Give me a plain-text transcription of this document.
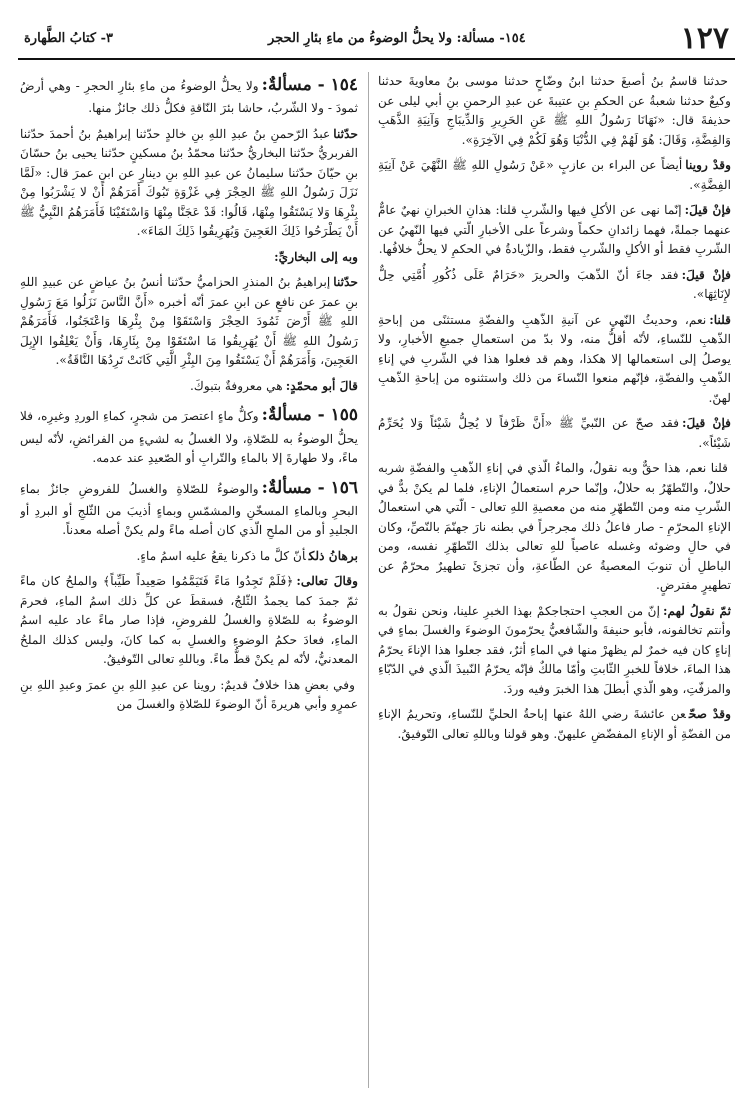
١٢٧
١٥٤- مسألة: ولا يحلُّ الوضوءُ من ماءِ بئارِ الحجر
٣- كتابُ الطَّهارة

حدثنا قاسمُ بنُ أصبغَ حدثنا ابنُ وضّاحٍ حدثنا موسى بنُ معاويةَ حدثنا وكيعٌ حدثنا شعبةُ عن الحكمِ بنِ عتيبةَ عن عبدِ الرحمنِ بنِ أبي ليلى عن حذيفةَ قال: «نَهَانَا رَسُولُ اللهِ ﷺ عَنِ الحَرِيرِ وَالدِّيبَاجِ وَآنِيَةِ الذَّهَبِ وَالفِضَّةِ، وَقَالَ: هُوَ لَهُمْ فِي الدُّنْيَا وَهُوَ لَكُمْ فِي الآخِرَةِ».

وقدْ رويناأيضاً عن البراء بن عازبٍ «عَنْ رَسُولِ اللهِ ﷺ النَّهْيَ عَنْ آنِيَةِ الفِضَّةِ».

فإنْ قيلَ:إنّما نهى عن الأكلِ فيها والشّربِ قلنا: هذانِ الخبرانِ نهيٌ عامٌّ عنهما جملةً، فهما زائدانِ حكماً وشرعاً على الأخبارِ الّتي فيها النّهيُ عن الشّربِ فقط أو الأكلِ والشّربِ فقط، والزّيادةُ في الحكمِ لا يحلُّ خلافُها.

فإنْ قيلَ:فقد جاءَ أنّ الذّهبَ والحريرَ «حَرَامٌ عَلَى ذُكُورِ أُمَّتِي حِلٌّ لإِنَاثِهَا».

قلنا:نعم، وحديثُ النّهيِ عن آنيةِ الذّهبِ والفضّةِ مستثنًى من إباحةِ الذّهبِ للنّساءِ، لأنّه أقلُّ منه، ولا بدّ من استعمالِ جميعِ الأخبارِ، ولا يوصلُ إلى استعمالها إلا هكذا، وهم قد فعلوا هذا في الشّربِ في إناءِ الذّهبِ والفضّةِ، فإنّهم منعوا النّساءَ من ذلك واستثنوه من إباحةِ الذّهبِ لهنّ.

فإنْ قيلَ:فقد صحّ عن النّبيِّ ﷺ «أَنَّ ظَرْفاً لا يُحِلُّ شَيْئاً وَلا يُحَرِّمُ شَيْئاً».

قلنا نعم، هذا حقٌّ وبه نقولُ، والماءُ الّذي في إناءِ الذّهبِ والفضّةِ شربه حلالٌ، والتّطهّرُ به حلالٌ، وإنّما حرم استعمالُ الإناءِ، فلما لم يكنْ بدٌّ في الشّربِ منه ومن التّطهّرِ منه من معصيةِ اللهِ تعالى - الّتي هي استعمالُ الإناءِ المحرّمِ - صار فاعلُ ذلك مجرجراً في بطنه نارَ جهنّمَ بالنّصِّ، وكان في حالِ وضوئه وغسله عاصياً للهِ تعالى بذلك التّطهّرِ نفسه، ومن الباطلِ أن تنوبَ المعصيةُ عن الطّاعةِ، وأن تجزئَ تطهيرٌ محرّمٌ عن تطهيرٍ مفترضٍ.

ثمّ نقولُ لهم:إنّ من العجبِ احتجاجكمْ بهذا الخبرِ علينا، ونحن نقولُ به وأنتم تخالفونه، فأبو حنيفةَ والشّافعيُّ يحرّمونَ الوضوءَ والغسلَ بماءٍ في إناءٍ كان فيه خمرٌ لم يظهرْ منها في الماءِ أثرٌ، فقد جعلوا هذا الإناءَ يحرّمُ هذا الماءَ، خلافاً للخبرِ الثّابتِ وأمّا مالكٌ فإنّه يحرّمُ النّبيذَ الّذي في الدّبّاءِ والمزفّتِ، وهو الّذي أبطلَ هذا الخبرَ وفيه وردَ.

وقدْ صحّعن عائشةَ رضي اللهُ عنها إباحةُ الحليِّ للنّساءِ، وتحريمُ الإناءِ من الفضّةِ أو الإناءِ المفضّضِ عليهنّ. وهو قولنا وباللهِ تعالى التّوفيقُ.

١٥٤ - مسألةٌ:ولا يحلُّ الوضوءُ من ماءِ بئارِ الحجرِ - وهي أرضُ ثمودَ - ولا الشّربُ، حاشا بئرَ النّاقةِ فكلُّ ذلك جائزٌ منها.

حدّثناعبدُ الرّحمنِ بنُ عبدِ اللهِ بنِ خالدٍ حدّثنا إبراهيمُ بنُ أحمدَ حدّثنا الفربريُّ حدّثنا البخاريُّ حدّثنا محمّدُ بنُ مسكينٍ حدّثنا يحيى بنُ حسّانَ بنِ حيّانَ حدّثنا سليمانُ عن عبدِ اللهِ بنِ دينارٍ عن ابنِ عمرَ قال: «لَمَّا نَزَلَ رَسُولُ اللهِ ﷺ الحِجْرَ فِي غَزْوَةِ تَبُوكَ أَمَرَهُمْ أَنْ لا يَشْرَبُوا مِنْ بِئْرِهَا وَلا يَسْتَقُوا مِنْهَا، قَالُوا: قَدْ عَجَنَّا مِنْهَا وَاسْتَقَيْنَا فَأَمَرَهُمُ النَّبِيُّ ﷺ أَنْ يَطْرَحُوا ذَلِكَ العَجِينَ وَيُهَرِيقُوا ذَلِكَ المَاءَ».

وبه إلى البخاريِّ:

حدّثناإبراهيمُ بنُ المنذرِ الحزاميُّ حدّثنا أنسُ بنُ عياضٍ عن عبيدِ اللهِ بنِ عمرَ عن نافعٍ عن ابنِ عمرَ أنّه أخبره «أَنَّ النَّاسَ نَزَلُوا مَعَ رَسُولِ اللهِ ﷺ أَرْضَ ثَمُودَ الحِجْرَ وَاسْتَقَوْا مِنْ بِئْرِهَا وَاعْتَجَنُوا، فَأَمَرَهُمْ رَسُولُ اللهِ ﷺ أَنْ يُهَرِيقُوا مَا اسْتَقَوْا مِنْ بِئَارِهَا، وَأَنْ يَعْلِفُوا الإِبِلَ العَجِينَ، وَأَمَرَهُمْ أَنْ يَسْتَقُوا مِنَ البِئْرِ الَّتِي كَانَتْ تَرِدُهَا النَّاقَةُ».

قالَ أبو محمّدٍ:هي معروفةٌ بتبوكَ.

١٥٥ - مسألةٌ:وكلُّ ماءٍ اعتصرَ من شجرٍ، كماءِ الوردِ وغيرِه، فلا يحلُّ الوضوءُ به للصّلاةِ، ولا الغسلُ به لشيءٍ من الفرائضِ، لأنّه ليس ماءً، ولا طهارةَ إلا بالماءِ والتّرابِ أو الصّعيدِ عند عدمه.

١٥٦ - مسألةٌ:والوضوءُ للصّلاةِ والغسلُ للفروضِ جائزٌ بماءِ البحرِ وبالماءِ المسخّنِ والمشمّسِ وبماءٍ أذيبَ من الثّلجِ أو البردِ أو الجليدِ أو من الملحِ الّذي كان أصله ماءً ولم يكنْ أصله معدناً.

برهانُ ذلكأنّ كلَّ ما ذكرنا يقعُ عليه اسمُ ماءٍ.

وقالَ تعالى:﴿فَلَمْ تَجِدُوا مَاءً فَتَيَمَّمُوا صَعِيداً طَيِّباً﴾ والملحُ كان ماءً ثمّ جمدَ كما يجمدُ الثّلجُ، فسقطَ عن كلِّ ذلك اسمُ الماءِ، فحرمَ الوضوءُ به للصّلاةِ والغسلُ للفروضِ، فإذا صار ماءً عاد عليه اسمُ الماءِ، فعادَ حكمُ الوضوءِ والغسلِ به كما كانَ، وليس كذلك الملحُ المعدنيُّ، لأنّه لم يكنْ قطُّ ماءً. وباللهِ تعالى التّوفيقُ.

وفي بعضِ هذا خلافٌ قديمٌ: روينا عن عبدِ اللهِ بنِ عمرَ وعبدِ اللهِ بنِ عمرٍو وأبي هريرةَ أنّ الوضوءَ للصّلاةِ والغسلَ من
